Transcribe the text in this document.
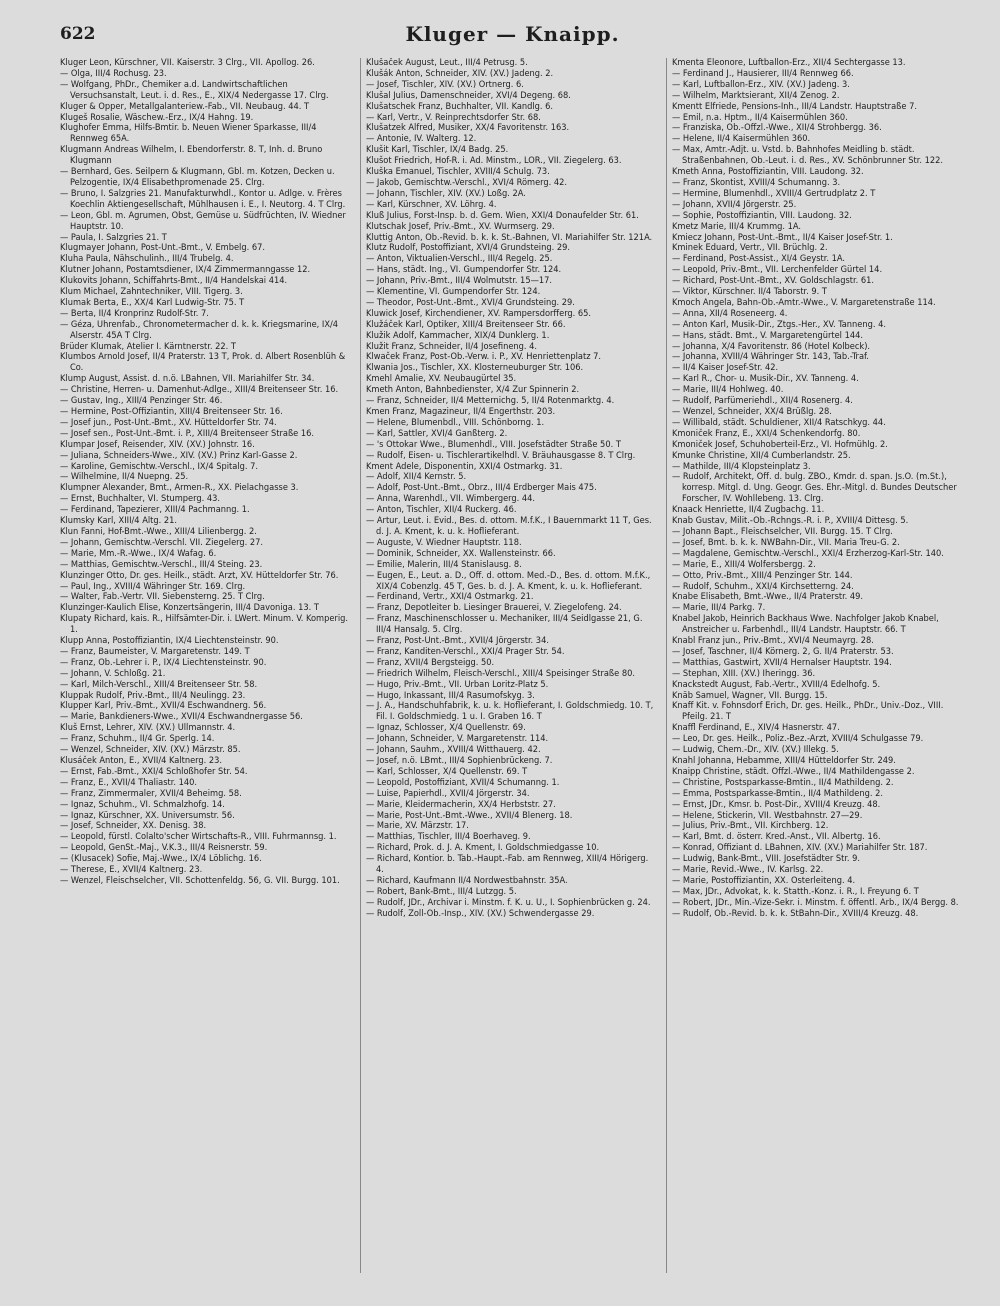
622	Kluger — Knaipp.
Kluger Leon, Kürschner, VII. Kaiserstr. 3 Clrg., VII. Apollog. 26.
— Olga, III/4 Rochusg. 23.
— Wolfgang, PhDr., Chemiker a.d. Landwirtschaftlichen Versuchsanstalt, Leut. i. d. Res., E., XIX/4 Nedergasse 17. Clrg.
Kluger & Opper, Metallgalanteriew.-Fab., VII. Neubaug. 44. T
Klugeš Rosalie, Wäschew.-Erz., IX/4 Hahng. 19.
Klughofer Emma, Hilfs-Bmtir. b. Neuen Wiener Sparkasse, III/4 Rennweg 65A.
Klugmann Andreas Wilhelm, I. Ebendorferstr. 8. T, Inh. d. Bruno Klugmann
— Bernhard, Ges. Seilpern & Klugmann, Gbl. m. Kotzen, Decken u. Pelzogentie, IX/4 Elisabethpromenade 25. Clrg.
— Bruno, I. Salzgries 21. Manufakturwhdl., Kontor u. Adlge. v. Frères Koechlin Aktiengesellschaft, Mühlhausen i. E., I. Neutorg. 4. T Clrg.
— Leon, Gbl. m. Agrumen, Obst, Gemüse u. Südfrüchten, IV. Wiedner Hauptstr. 10.
— Paula, I. Salzgries 21. T
Klugmayer Johann, Post-Unt.-Bmt., V. Embelg. 67.
Kluha Paula, Nähschulinh., III/4 Trubelg. 4.
Klutner Johann, Postamtsdiener, IX/4 Zimmermanngasse 12.
Klukovits Johann, Schiffahrts-Bmt., II/4 Handelskai 414.
Klum Michael, Zahntechniker, VIII. Tigerg. 3.
Klumak Berta, E., XX/4 Karl Ludwig-Str. 75. T
— Berta, II/4 Kronprinz Rudolf-Str. 7.
— Géza, Uhrenfab., Chronometermacher d. k. k. Kriegsmarine, IX/4 Alserstr. 45A T Clrg.
Brüder Klumak, Atelier I. Kärntnerstr. 22. T
Klumbos Arnold Josef, II/4 Praterstr. 13 T, Prok. d. Albert Rosenblüh & Co.
Klump August, Assist. d. n.ö. LBahnen, VII. Mariahilfer Str. 34.
— Christine, Herren- u. Damenhut-Adlge., XIII/4 Breitenseer Str. 16.
— Gustav, Ing., XIII/4 Penzinger Str. 46.
— Hermine, Post-Offiziantin, XIII/4 Breitenseer Str. 16.
— Josef jun., Post-Unt.-Bmt., XV. Hütteldorfer Str. 74.
— Josef sen., Post-Unt.-Bmt. i. P., XIII/4 Breitenseer Straße 16.
Klumpar Josef, Reisender, XIV. (XV.) Johnstr. 16.
— Juliana, Schneiders-Wwe., XIV. (XV.) Prinz Karl-Gasse 2.
— Karoline, Gemischtw.-Verschl., IX/4 Spitalg. 7.
— Wilhelmine, II/4 Nuepng. 25.
Klumpner Alexander, Bmt., Armen-R., XX. Pielachgasse 3.
— Ernst, Buchhalter, VI. Stumperg. 43.
— Ferdinand, Tapezierer, XIII/4 Pachmanng. 1.
Klumsky Karl, XIII/4 Altg. 21.
Klun Fanni, Hof-Bmt.-Wwe., XIII/4 Lilienbergg. 2.
— Johann, Gemischtw.-Verschl. VII. Ziegelerg. 27.
— Marie, Mm.-R.-Wwe., IX/4 Wafag. 6.
— Matthias, Gemischtw.-Verschl., III/4 Steing. 23.
Klunzinger Otto, Dr. ges. Heilk., städt. Arzt, XV. Hütteldorfer Str. 76.
— Paul, Ing., XVIII/4 Währinger Str. 169. Clrg.
— Walter, Fab.-Vertr. VII. Siebensterng. 25. T Clrg.
Klunzinger-Kaulich Elise, Konzertsängerin, III/4 Davoniga. 13. T
Klupaty Richard, kais. R., Hilfsämter-Dir. i. LWert. Minum. V. Komperig. 1.
Klupp Anna, Postoffiziantin, IX/4 Liechtensteinstr. 90.
— Franz, Baumeister, V. Margaretenstr. 149. T
— Franz, Ob.-Lehrer i. P., IX/4 Liechtensteinstr. 90.
— Johann, V. Schloßg. 21.
— Karl, Milch-Verschl., XIII/4 Breitenseer Str. 58.
Kluppak Rudolf, Priv.-Bmt., III/4 Neulingg. 23.
Klupper Karl, Priv.-Bmt., XVII/4 Eschwandnerg. 56.
— Marie, Bankdieners-Wwe., XVII/4 Eschwandnergasse 56.
Kluš Ernst, Lehrer, XIV. (XV.) Ullmannstr. 4.
— Franz, Schuhm., II/4 Gr. Sperlg. 14.
— Wenzel, Schneider, XIV. (XV.) Märzstr. 85.
Klusáček Anton, E., XVII/4 Kaltnerg. 23.
— Ernst, Fab.-Bmt., XXI/4 Schloßhofer Str. 54.
— Franz, E., XVII/4 Thaliastr. 140.
— Franz, Zimmermaler, XVII/4 Beheimg. 58.
— Ignaz, Schuhm., VI. Schmalzhofg. 14.
— Ignaz, Kürschner, XX. Universumstr. 56.
— Josef, Schneider, XX. Denisg. 38.
— Leopold, fürstl. Colalto'scher Wirtschafts-R., VIII. Fuhrmannsg. 1.
— Leopold, GenSt.-Maj., V.K.3., III/4 Reisnerstr. 59.
— (Klusacek) Sofie, Maj.-Wwe., IX/4 Löblichg. 16.
— Therese, E., XVII/4 Kaltnerg. 23.
— Wenzel, Fleischselcher, VII. Schottenfeldg. 56, G. VII. Burgg. 101.
Klušaček August, Leut., III/4 Petrusg. 5.
Klušák Anton, Schneider, XIV. (XV.) Jadeng. 2.
— Josef, Tischler, XIV. (XV.) Ortnerg. 6.
Klušal Julius, Damenschneider, XVI/4 Degeng. 68.
Klušatschek Franz, Buchhalter, VII. Kandlg. 6.
— Karl, Vertr., V. Reinprechtsdorfer Str. 68.
Klušatzek Alfred, Musiker, XX/4 Favoritenstr. 163.
— Antonie, IV. Walterg. 12.
Klušit Karl, Tischler, IX/4 Badg. 25.
Klušot Friedrich, Hof-R. i. Ad. Minstm., LOR., VII. Ziegelerg. 63.
Kluška Emanuel, Tischler, XVIII/4 Schulg. 73.
— Jakob, Gemischtw.-Verschl., XVI/4 Römerg. 42.
— Johann, Tischler, XIV. (XV.) Loßg. 2A.
— Karl, Kürschner, XV. Löhrg. 4.
Kluß Julius, Forst-Insp. b. d. Gem. Wien, XXI/4 Donaufelder Str. 61.
Klutschak Josef, Priv.-Bmt., XV. Wurmserg. 29.
Kluttig Anton, Ob.-Revid. b. k. k. St.-Bahnen, VI. Mariahilfer Str. 121A.
Klutz Rudolf, Postoffiziant, XVI/4 Grundsteing. 29.
— Anton, Viktualien-Verschl., III/4 Regelg. 25.
— Hans, städt. Ing., VI. Gumpendorfer Str. 124.
— Johann, Priv.-Bmt., III/4 Wolmutstr. 15—17.
— Klementine, VI. Gumpendorfer Str. 124.
— Theodor, Post-Unt.-Bmt., XVI/4 Grundsteing. 29.
Kluwick Josef, Kirchendiener, XV. Rampersdorfferg. 65.
Klužáček Karl, Optiker, XIII/4 Breitenseer Str. 66.
Klužik Adolf, Kammacher, XIX/4 Dunklerg. 1.
Klužit Franz, Schneider, II/4 Josefineng. 4.
Klwaček Franz, Post-Ob.-Verw. i. P., XV. Henriettenplatz 7.
Klwania Jos., Tischler, XX. Klosterneuburger Str. 106.
Kmehl Amalie, XV. Neubaugürtel 35.
Kmeth Anton, Bahnbedienster, X/4 Zur Spinnerin 2.
— Franz, Schneider, II/4 Metternichg. 5, II/4 Rotenmarktg. 4.
Kmen Franz, Magazineur, II/4 Engerthstr. 203.
— Helene, Blumenbdl., VIII. Schönborng. 1.
— Karl, Sattler, XVI/4 Ganßterg. 2.
— 's Ottokar Wwe., Blumenhdl., VIII. Josefstädter Straße 50. T
— Rudolf, Eisen- u. Tischlerartikelhdl. V. Bräuhausgasse 8. T Clrg.
Kment Adele, Disponentin, XXI/4 Ostmarkg. 31.
— Adolf, XII/4 Kernstr. 5.
— Adolf, Post-Unt.-Bmt., Obrz., III/4 Erdberger Mais 475.
— Anna, Warenhdl., VII. Wimbergerg. 44.
— Anton, Tischler, XII/4 Ruckerg. 46.
— Artur, Leut. i. Evid., Bes. d. ottom. M.f.K., I Bauernmarkt 11 T, Ges. d. J. A. Kment, k. u. k. Hoflieferant.
— Auguste, V. Wiedner Hauptstr. 118.
— Dominik, Schneider, XX. Wallensteinstr. 66.
— Emilie, Malerin, III/4 Stanislausg. 8.
— Eugen, E., Leut. a. D., Off. d. ottom. Med.-D., Bes. d. ottom. M.f.K., XIX/4 Cobenzlg. 45 T, Ges. b. d. J. A. Kment, k. u. k. Hoflieferant.
— Ferdinand, Vertr., XXI/4 Ostmarkg. 21.
— Franz, Depotleiter b. Liesinger Brauerei, V. Ziegelofeng. 24.
— Franz, Maschinenschlosser u. Mechaniker, III/4 Seidlgasse 21, G. III/4 Hansalg. 5. Clrg.
— Franz, Post-Unt.-Bmt., XVII/4 Jörgerstr. 34.
— Franz, Kanditen-Verschl., XXI/4 Prager Str. 54.
— Franz, XVII/4 Bergsteigg. 50.
— Friedrich Wilhelm, Fleisch-Verschl., XIII/4 Speisinger Straße 80.
— Hugo, Priv.-Bmt., VII. Urban Loritz-Platz 5.
— Hugo, Inkassant, III/4 Rasumofskyg. 3.
— J. A., Handschuhfabrik, k. u. k. Hoflieferant, I. Goldschmiedg. 10. T, Fil. I. Goldschmiedg. 1 u. I. Graben 16. T
— Ignaz, Schlosser, X/4 Quellenstr. 69.
— Johann, Schneider, V. Margaretenstr. 114.
— Johann, Sauhm., XVIII/4 Witthauerg. 42.
— Josef, n.ö. LBmt., III/4 Sophienbrückeng. 7.
— Karl, Schlosser, X/4 Quellenstr. 69. T
— Leopold, Postoffiziant, XVII/4 Schumanng. 1.
— Luise, Papierhdl., XVII/4 Jörgerstr. 34.
— Marie, Kleidermacherin, XX/4 Herbststr. 27.
— Marie, Post-Unt.-Bmt.-Wwe., XVII/4 Blenerg. 18.
— Marie, XV. Märzstr. 17.
— Matthias, Tischler, III/4 Boerhaveg. 9.
— Richard, Prok. d. J. A. Kment, I. Goldschmiedgasse 10.
— Richard, Kontior. b. Tab.-Haupt.-Fab. am Rennweg, XIII/4 Hörigerg. 4.
— Richard, Kaufmann II/4 Nordwestbahnstr. 35A.
— Robert, Bank-Bmt., III/4 Lutzgg. 5.
— Rudolf, JDr., Archivar i. Minstm. f. K. u. U., I. Sophienbrücken g. 24.
— Rudolf, Zoll-Ob.-Insp., XIV. (XV.) Schwendergasse 29.
Kmenta Eleonore, Luftballon-Erz., XII/4 Sechtergasse 13.
— Ferdinand J., Hausierer, III/4 Rennweg 66.
— Karl, Luftballon-Erz., XIV. (XV.) Jadeng. 3.
— Wilhelm, Marktsierant, XII/4 Zenog. 2.
Kmentt Elfriede, Pensions-Inh., III/4 Landstr. Hauptstraße 7.
— Emil, n.a. Hptm., II/4 Kaisermühlen 360.
— Franziska, Ob.-Offzl.-Wwe., XII/4 Strohbergg. 36.
— Helene, II/4 Kaisermühlen 360.
— Max, Amtr.-Adjt. u. Vstd. b. Bahnhofes Meidling b. städt. Straßenbahnen, Ob.-Leut. i. d. Res., XV. Schönbrunner Str. 122.
Kmeth Anna, Postoffiziantin, VIII. Laudong. 32.
— Franz, Skontist, XVIII/4 Schumanng. 3.
— Hermine, Blumenhdl., XVIII/4 Gertrudplatz 2. T
— Johann, XVII/4 Jörgerstr. 25.
— Sophie, Postoffiziantin, VIII. Laudong. 32.
Kmetz Marie, III/4 Krummg. 1A.
Kmiecz Johann, Post-Unt.-Bmt., II/4 Kaiser Josef-Str. 1.
Kminek Eduard, Vertr., VII. Brüchlg. 2.
— Ferdinand, Post-Assist., XI/4 Geystr. 1A.
— Leopold, Priv.-Bmt., VII. Lerchenfelder Gürtel 14.
— Richard, Post-Unt.-Bmt., XV. Goldschlagstr. 61.
— Viktor, Kürschner. II/4 Taborstr. 9. T
Kmoch Angela, Bahn-Ob.-Amtr.-Wwe., V. Margaretenstraße 114.
— Anna, XII/4 Roseneerg. 4.
— Anton Karl, Musik-Dir., Ztgs.-Her., XV. Tanneng. 4.
— Hans, städt. Bmt., V. Margaretengürtel 144.
— Johanna, X/4 Favoritenstr. 86 (Hotel Kolbeck).
— Johanna, XVIII/4 Währinger Str. 143, Tab.-Traf.
— II/4 Kaiser Josef-Str. 42.
— Karl R., Chor- u. Musik-Dir., XV. Tanneng. 4.
— Marie, III/4 Hohlweg. 40.
— Rudolf, Parfümeriehdl., XII/4 Rosenerg. 4.
— Wenzel, Schneider, XX/4 Brüßlg. 28.
— Willibald, städt. Schuldiener, XII/4 Ratschkyg. 44.
Kmoniček Franz, E., XXI/4 Schenkendorfg. 80.
Kmoniček Josef, Schuhoberteil-Erz., VI. Hofmühlg. 2.
Kmunke Christine, XII/4 Cumberlandstr. 25.
— Mathilde, III/4 Klopsteinplatz 3.
— Rudolf, Architekt, Off. d. bulg. ZBO., Kmdr. d. span. Js.O. (m.St.), korresp. Mitgl. d. Ung. Geogr. Ges. Ehr.-Mitgl. d. Bundes Deutscher Forscher, IV. Wohllebeng. 13. Clrg.
Knaack Henriette, II/4 Zugbachg. 11.
Knab Gustav, Milit.-Ob.-Rchngs.-R. i. P., XVIII/4 Dittesg. 5.
— Johann Bapt., Fleischselcher, VII. Burgg. 15. T Clrg.
— Josef, Bmt. b. k. k. NWBahn-Dir., VII. Maria Treu-G. 2.
— Magdalene, Gemischtw.-Verschl., XXI/4 Erzherzog-Karl-Str. 140.
— Marie, E., XIII/4 Wolfersbergg. 2.
— Otto, Priv.-Bmt., XIII/4 Penzinger Str. 144.
— Rudolf, Schuhm., XXI/4 Kirchsetterng. 24.
Knabe Elisabeth, Bmt.-Wwe., II/4 Praterstr. 49.
— Marie, III/4 Parkg. 7.
Knabel Jakob, Heinrich Backhaus Wwe. Nachfolger Jakob Knabel, Anstreicher u. Farbenhdl., III/4 Landstr. Hauptstr. 66. T
Knabl Franz jun., Priv.-Bmt., XVI/4 Neumayrg. 28.
— Josef, Taschner, II/4 Körnerg. 2, G. II/4 Praterstr. 53.
— Matthias, Gastwirt, XVII/4 Hernalser Hauptstr. 194.
— Stephan, XIII. (XV.) Iheringg. 36.
Knackstedt August, Fab.-Vertr., XVIII/4 Edelhofg. 5.
Knäb Samuel, Wagner, VII. Burgg. 15.
Knaff Kit. v. Fohnsdorf Erich, Dr. ges. Heilk., PhDr., Univ.-Doz., VIII. Pfeilg. 21. T
Knaffl Ferdinand, E., XIV/4 Hasnerstr. 47.
— Leo, Dr. ges. Heilk., Poliz.-Bez.-Arzt, XVIII/4 Schulgasse 79.
— Ludwig, Chem.-Dr., XIV. (XV.) Illekg. 5.
Knahl Johanna, Hebamme, XIII/4 Hütteldorfer Str. 249.
Knaipp Christine, städt. Offzl.-Wwe., II/4 Mathildengasse 2.
— Christine, Postsparkasse-Bmtin., II/4 Mathildeng. 2.
— Emma, Postsparkasse-Bmtin., II/4 Mathildeng. 2.
— Ernst, JDr., Kmsr. b. Post-Dir., XVIII/4 Kreuzg. 48.
— Helene, Stickerin, VII. Westbahnstr. 27—29.
— Julius, Priv.-Bmt., VII. Kirchberg. 12.
— Karl, Bmt. d. österr. Kred.-Anst., VII. Albertg. 16.
— Konrad, Offiziant d. LBahnen, XIV. (XV.) Mariahilfer Str. 187.
— Ludwig, Bank-Bmt., VIII. Josefstädter Str. 9.
— Marie, Revid.-Wwe., IV. Karlsg. 22.
— Marie, Postoffiziantin, XX. Osterleiteng. 4.
— Max, JDr., Advokat, k. k. Statth.-Konz. i. R., I. Freyung 6. T
— Robert, JDr., Min.-Vize-Sekr. i. Minstm. f. öffentl. Arb., IX/4 Bergg. 8.
— Rudolf, Ob.-Revid. b. k. k. StBahn-Dir., XVIII/4 Kreuzg. 48.
